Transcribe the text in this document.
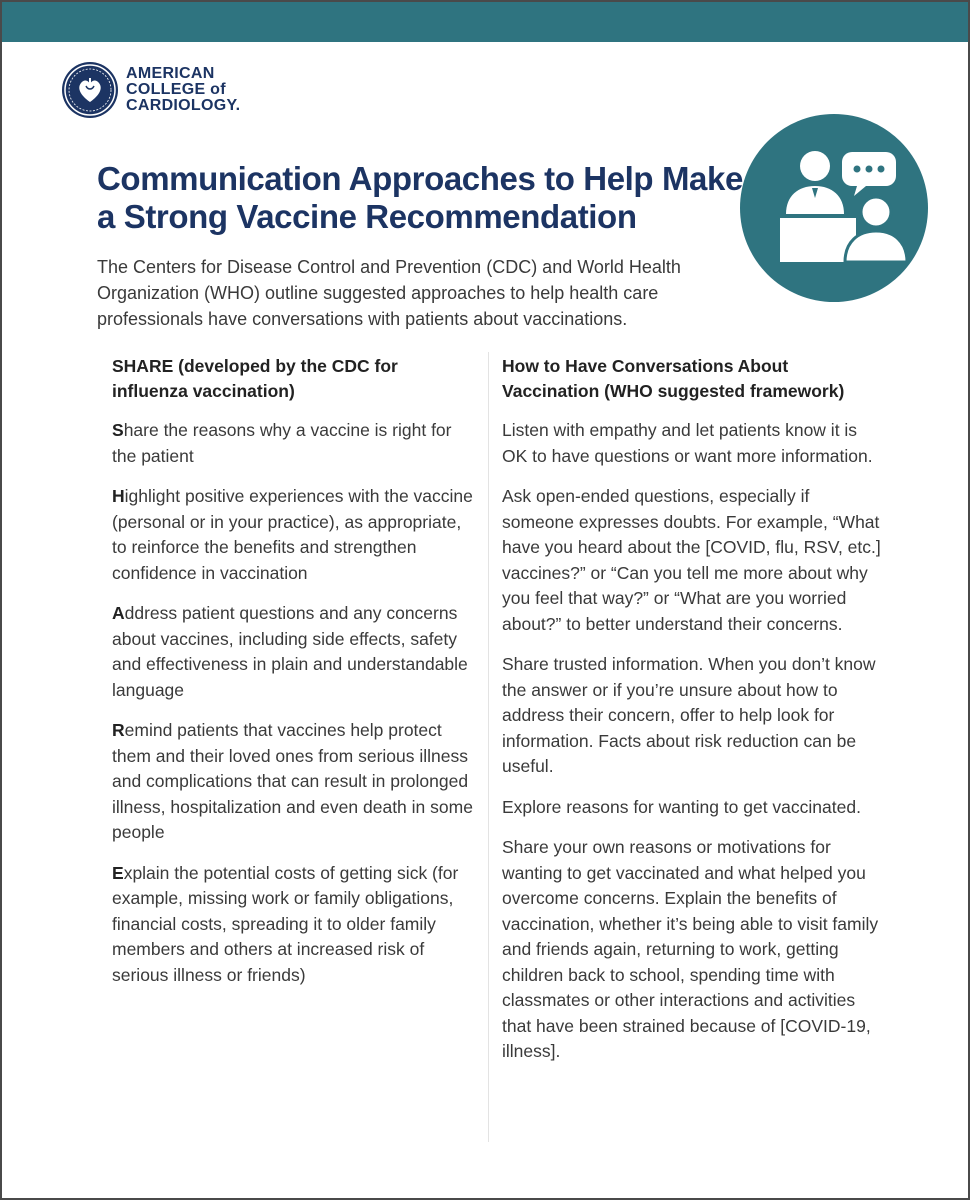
AMERICAN
COLLEGE of
CARDIOLOGY.
Communication Approaches to Help Make a Strong Vaccine Recommendation

The Centers for Disease Control and Prevention (CDC) and World Health Organization (WHO) outline suggested approaches to help health care professionals have conversations with patients about vaccinations.

SHARE (developed by the CDC for influenza vaccination)

Share the reasons why a vaccine is right for the patient

Highlight positive experiences with the vaccine (personal or in your practice), as appropriate, to reinforce the benefits and strengthen confidence in vaccination

Address patient questions and any concerns about vaccines, including side effects, safety and effectiveness in plain and understandable language

Remind patients that vaccines help protect them and their loved ones from serious illness and complications that can result in prolonged illness, hospitalization and even death in some people

Explain the potential costs of getting sick (for example, missing work or family obligations, financial costs, spreading it to older family members and others at increased risk of serious illness or friends)

How to Have Conversations About Vaccination (WHO suggested framework)

Listen with empathy and let patients know it is OK to have questions or want more information.

Ask open-ended questions, especially if someone expresses doubts. For example, “What have you heard about the [COVID, flu, RSV, etc.] vaccines?” or “Can you tell me more about why you feel that way?” or “What are you worried about?” to better understand their concerns.

Share trusted information. When you don’t know the answer or if you’re unsure about how to address their concern, offer to help look for information. Facts about risk reduction can be useful.

Explore reasons for wanting to get vaccinated.

Share your own reasons or motivations for wanting to get vaccinated and what helped you overcome concerns. Explain the benefits of vaccination, whether it’s being able to visit family and friends again, returning to work, getting children back to school, spending time with classmates or other interactions and activities that have been strained because of [COVID-19, illness].
